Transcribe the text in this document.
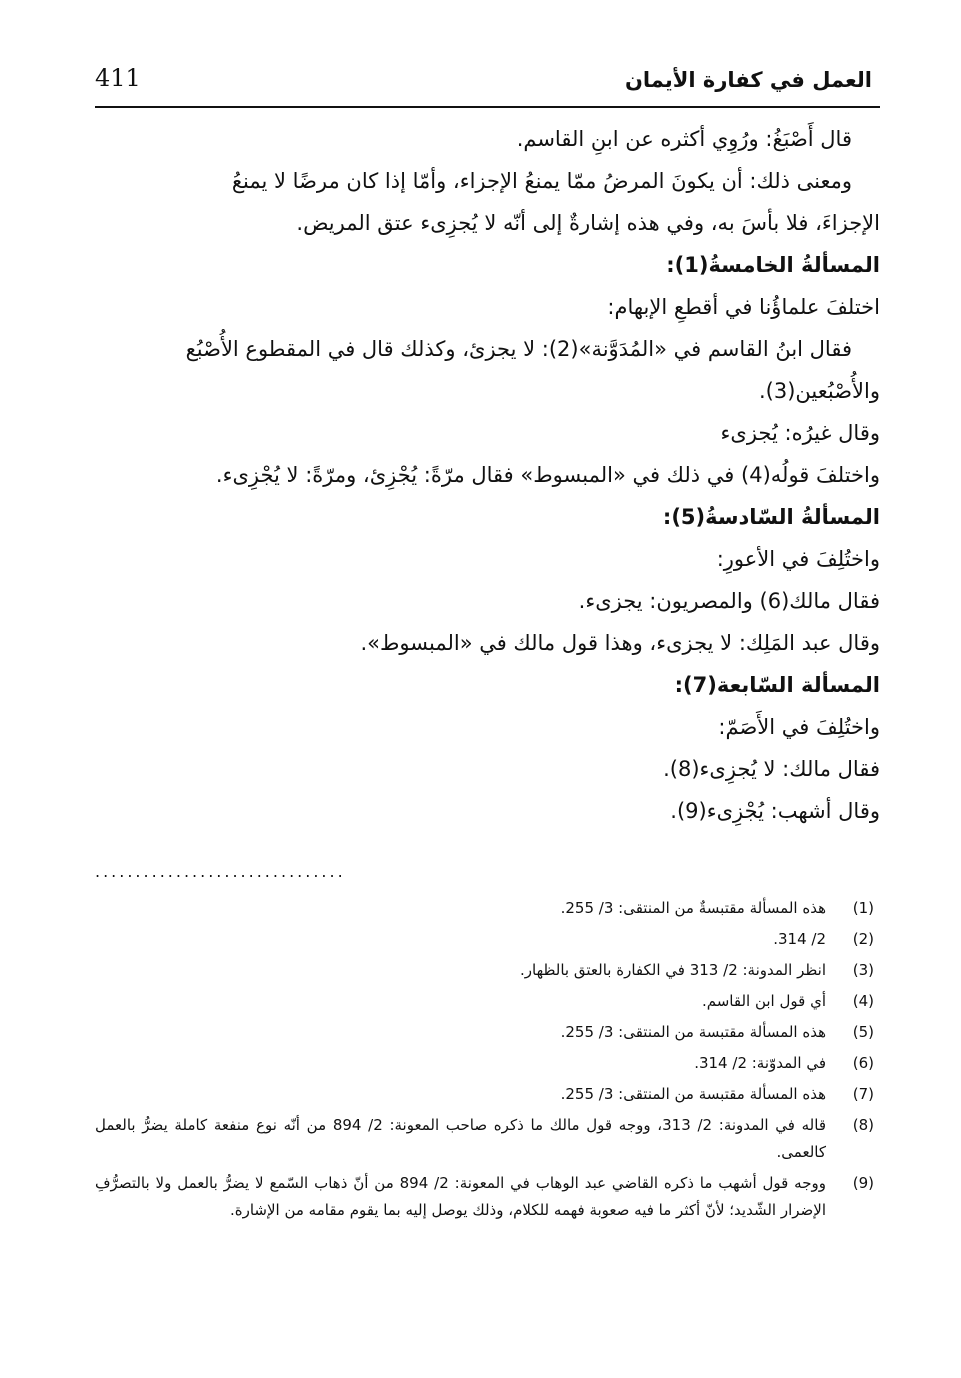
العمل في كفارة الأيمان
411
قال أَصْبَغُ: ورُوِي أكثره عن ابنِ القاسم.
ومعنى ذلك: أن يكونَ المرضُ ممّا يمنعُ الإجزاء، وأمّا إذا كان مرضًا لا يمنعُ
الإجزاءَ، فلا بأسَ به، وفي هذه إشارةٌ إلى أنّه لا يُجزِىء عتق المريض.
المسألةُ الخامسةُ(1):
اختلفَ علماؤُنا في أقطعِ الإبهام:
فقال ابنُ القاسم في «المُدَوَّنة»(2): لا يجزئ، وكذلك قال في المقطوع الأُصْبُع
والأُصْبُعين(3).
وقال غيرُه: يُجزىء
واختلفَ قولُه(4) في ذلك في «المبسوط» فقال مرّةً: يُجْزِئ، ومرّةً: لا يُجْزِىء.
المسألةُ السّادسةُ(5):
واختُلِفَ في الأعورِ:
فقال مالك(6) والمصريون: يجزىء.
وقال عبد المَلِك: لا يجزىء، وهذا قول مالك في «المبسوط».
المسألة السّابعة(7):
واختُلِفَ في الأَصَمّ:
فقال مالك: لا يُجزِىء(8).
وقال أشهب: يُجْزِىء(9).
...............................
(1)
هذه المسألة مقتبسةٌ من المنتقى: 3/ 255.
(2)
2/ 314.
(3)
انظر المدونة: 2/ 313 في الكفارة بالعتق بالظهار.
(4)
أي قول ابن القاسم.
(5)
هذه المسألة مقتبسة من المنتقى: 3/ 255.
(6)
في المدوّنة: 2/ 314.
(7)
هذه المسألة مقتبسة من المنتقى: 3/ 255.
(8)
قاله في المدونة: 2/ 313، ووجه قول مالك ما ذكره صاحب المعونة: 2/ 894 من أنّه نوع منفعة كاملة يضرُّ بالعمل كالعمى.
(9)
ووجه قول أشهب ما ذكره القاضي عبد الوهاب في المعونة: 2/ 894 من أنّ ذهاب السّمع لا يضرُّ بالعمل ولا بالتصرُّفِ الإضرار الشّديد؛ لأنّ أكثر ما فيه صعوبة فهمه للكلام، وذلك يوصل إليه بما يقوم مقامه من الإشارة.
